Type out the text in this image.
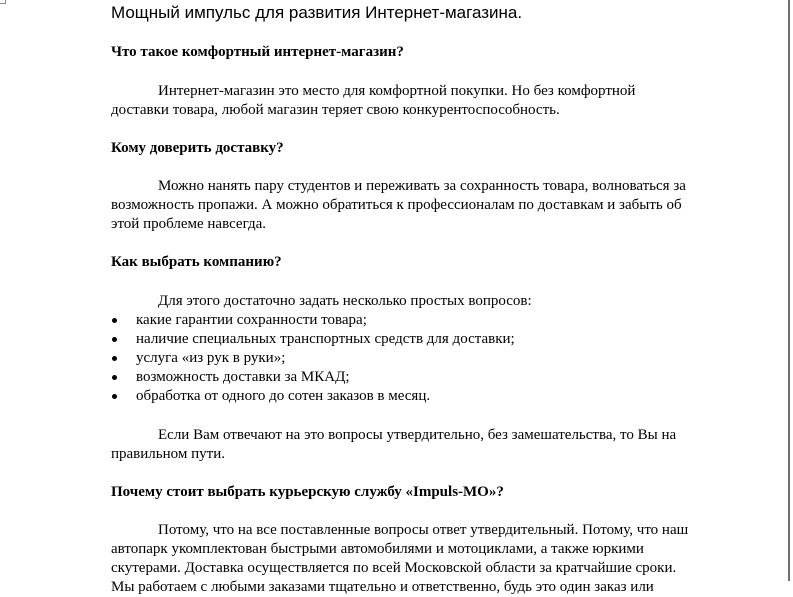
Мощный импульс для развития Интернет-магазина.

Что такое комфортный интернет-магазин?

Интернет-магазин это место для комфортной покупки. Но без комфортной
доставки товара, любой магазин теряет свою конкурентоспособность.

Кому доверить доставку?

Можно нанять пару студентов и переживать за сохранность товара, волноваться за
возможность пропажи. А можно обратиться к профессионалам по доставкам и забыть об
этой проблеме навсегда.

Как выбрать компанию?

Для этого достаточно задать несколько простых вопросов:

какие гарантии сохранности товара;
наличие специальных транспортных средств для доставки;
услуга «из рук в руки»;
возможность доставки за МКАД;
обработка от одного до сотен заказов в месяц.

Если Вам отвечают на это вопросы утвердительно, без замешательства, то Вы на
правильном пути.

Почему стоит выбрать курьерскую службу «Impuls-MO»?

Потому, что на все поставленные вопросы ответ утвердительный. Потому, что наш
автопарк укомплектован быстрыми автомобилями и мотоциклами, а также юркими
скутерами. Доставка осуществляется по всей Московской области за кратчайшие сроки.
Мы работаем с любыми заказами тщательно и ответственно, будь это один заказ или
